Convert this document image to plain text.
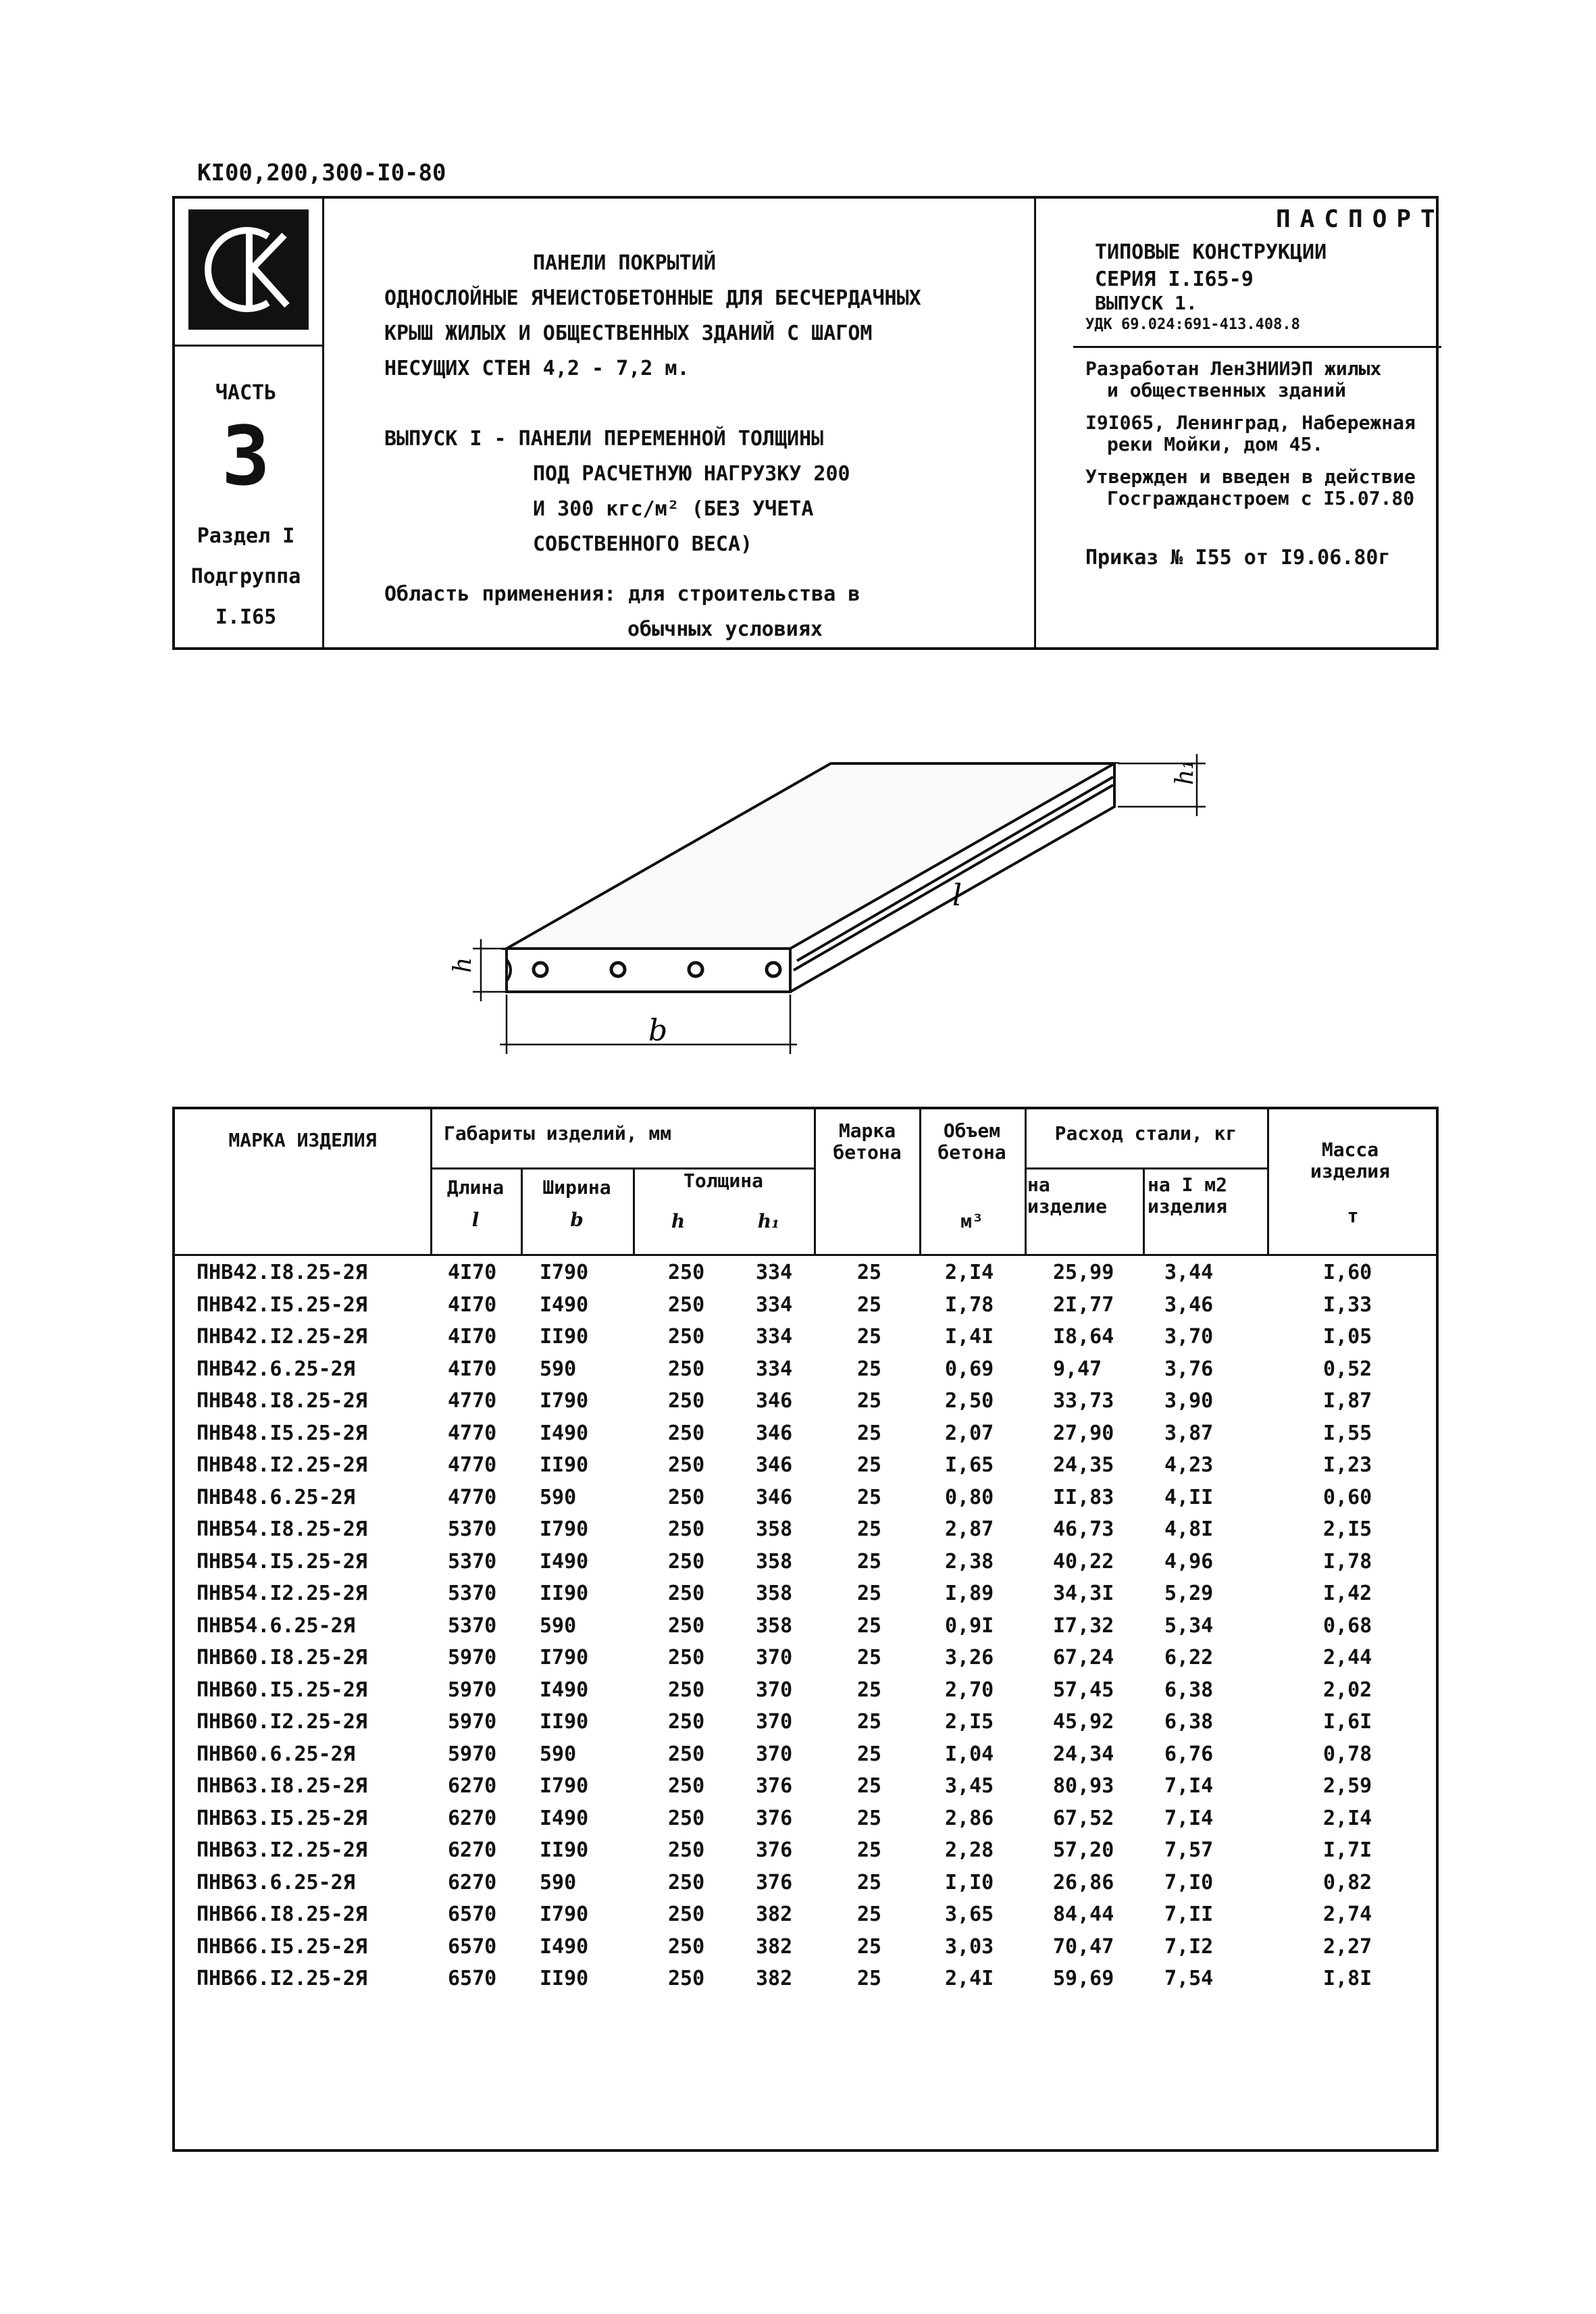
КI00,200,300-I0-80
ЧАСТЬ
3
Раздел I
Подгруппа
I.I65
ПАНЕЛИ ПОКРЫТИЙ
ОДНОСЛОЙНЫЕ ЯЧЕИСТОБЕТОННЫЕ ДЛЯ БЕСЧЕРДАЧНЫХ
КРЫШ ЖИЛЫХ И ОБЩЕСТВЕННЫХ ЗДАНИЙ С ШАГОМ
НЕСУЩИХ СТЕН 4,2 - 7,2 м.
ВЫПУСК I - ПАНЕЛИ ПЕРЕМЕННОЙ ТОЛЩИНЫ
ПОД РАСЧЕТНУЮ НАГРУЗКУ 200
И 300 кгс/м² (БЕЗ УЧЕТА
СОБСТВЕННОГО ВЕСА)
Область применения: для строительства в
обычных условиях
ПАСПОРТ
ТИПОВЫЕ КОНСТРУКЦИИ
СЕРИЯ I.I65-9
ВЫПУСК 1.
УДК 69.024:691-413.408.8
Разработан ЛенЗНИИЭП жилых
и общественных зданий
I9I065, Ленинград, Набережная
реки Мойки, дом 45.
Утвержден и введен в действие
Госгражданстроем с I5.07.80
Приказ № I55 от I9.06.80г
h
h₁
l
b
МАРКА ИЗДЕЛИЯ	Габариты изделий, мм
Длина
l
Ширина
b
Толщина
h	h₁
Марка бетона
Объем бетона
м³
Расход стали, кг
на изделие
на I м2 изделия
Масса изделия
т
ПНВ42.I8.25-2Я	4I70 I790	250	334	25	2,I4	25,99 3,44	I,60
ПНВ42.I5.25-2Я	4I70 I490	250	334	25	I,78	2I,77 3,46	I,33
ПНВ42.I2.25-2Я	4I70 II90	250	334	25	I,4I	I8,64 3,70	I,05
ПНВ42.6.25-2Я	4I70 590	250	334	25	0,69	9,47	3,76	0,52
ПНВ48.I8.25-2Я	4770 I790	250	346	25	2,50	33,73 3,90	I,87
ПНВ48.I5.25-2Я	4770 I490	250	346	25	2,07	27,90 3,87	I,55
ПНВ48.I2.25-2Я	4770 II90	250	346	25	I,65	24,35 4,23	I,23
ПНВ48.6.25-2Я	4770 590	250	346	25	0,80	II,83 4,II	0,60
ПНВ54.I8.25-2Я	5370 I790	250	358	25	2,87	46,73 4,8I	2,I5
ПНВ54.I5.25-2Я	5370 I490	250	358	25	2,38	40,22 4,96	I,78
ПНВ54.I2.25-2Я	5370 II90	250	358	25	I,89	34,3I 5,29	I,42
ПНВ54.6.25-2Я	5370 590	250	358	25	0,9I	I7,32 5,34	0,68
ПНВ60.I8.25-2Я	5970 I790	250	370	25	3,26	67,24 6,22	2,44
ПНВ60.I5.25-2Я	5970 I490	250	370	25	2,70	57,45 6,38	2,02
ПНВ60.I2.25-2Я	5970 II90	250	370	25	2,I5	45,92 6,38	I,6I
ПНВ60.6.25-2Я	5970 590	250	370	25	I,04	24,34 6,76	0,78
ПНВ63.I8.25-2Я	6270 I790	250	376	25	3,45	80,93 7,I4	2,59
ПНВ63.I5.25-2Я	6270 I490	250	376	25	2,86	67,52 7,I4	2,I4
ПНВ63.I2.25-2Я	6270 II90	250	376	25	2,28	57,20 7,57	I,7I
ПНВ63.6.25-2Я	6270 590	250	376	25	I,I0	26,86 7,I0	0,82
ПНВ66.I8.25-2Я	6570 I790	250	382	25	3,65	84,44 7,II	2,74
ПНВ66.I5.25-2Я	6570 I490	250	382	25	3,03	70,47 7,I2	2,27
ПНВ66.I2.25-2Я	6570 II90	250	382	25	2,4I	59,69 7,54	I,8I
